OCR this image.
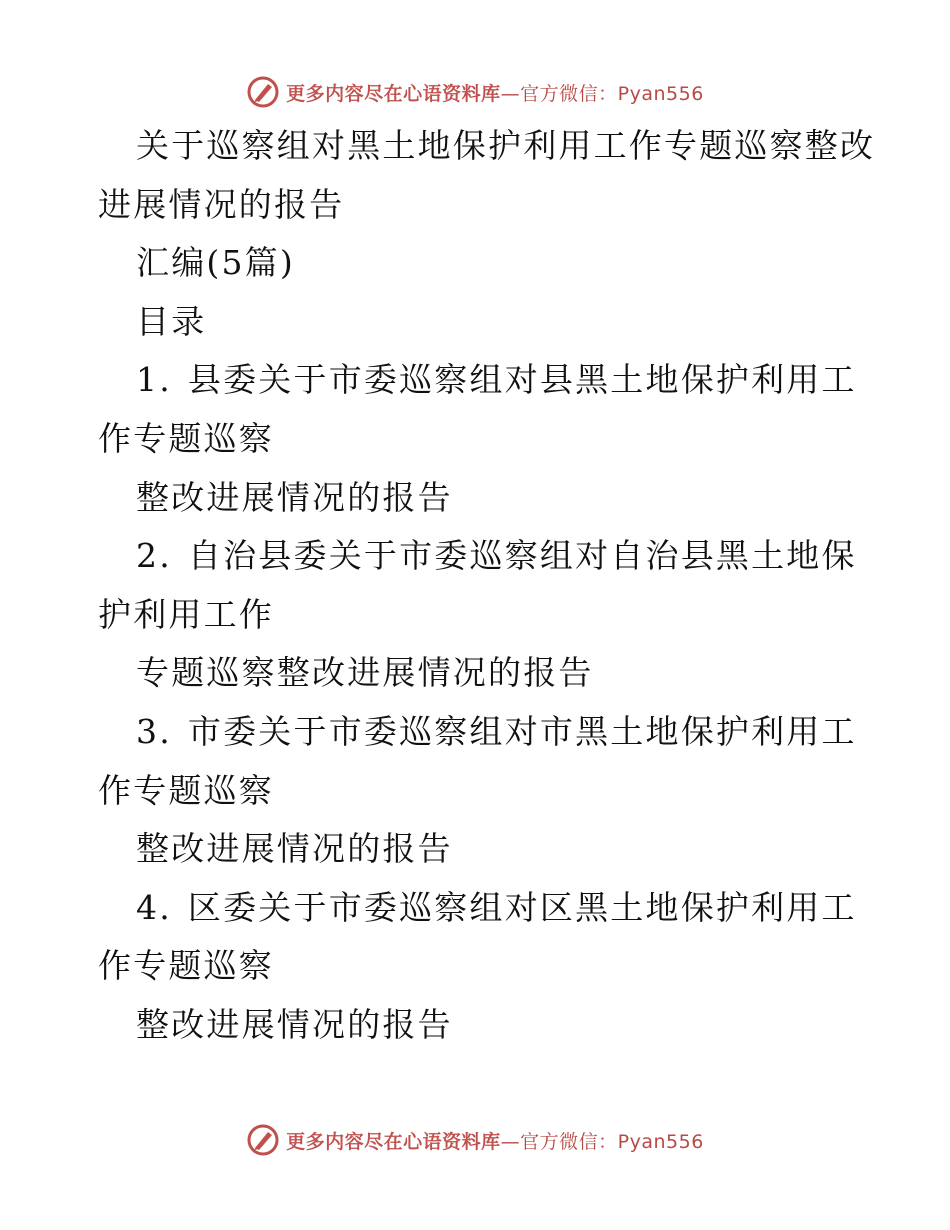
更多内容尽在心语资料库—官方微信：Pyan556
关于巡察组对黑土地保护利用工作专题巡察整改
进展情况的报告
汇编(5篇)
目录
1. 县委关于市委巡察组对县黑土地保护利用工
作专题巡察
整改进展情况的报告
2. 自治县委关于市委巡察组对自治县黑土地保
护利用工作
专题巡察整改进展情况的报告
3. 市委关于市委巡察组对市黑土地保护利用工
作专题巡察
整改进展情况的报告
4. 区委关于市委巡察组对区黑土地保护利用工
作专题巡察
整改进展情况的报告
更多内容尽在心语资料库—官方微信：Pyan556
